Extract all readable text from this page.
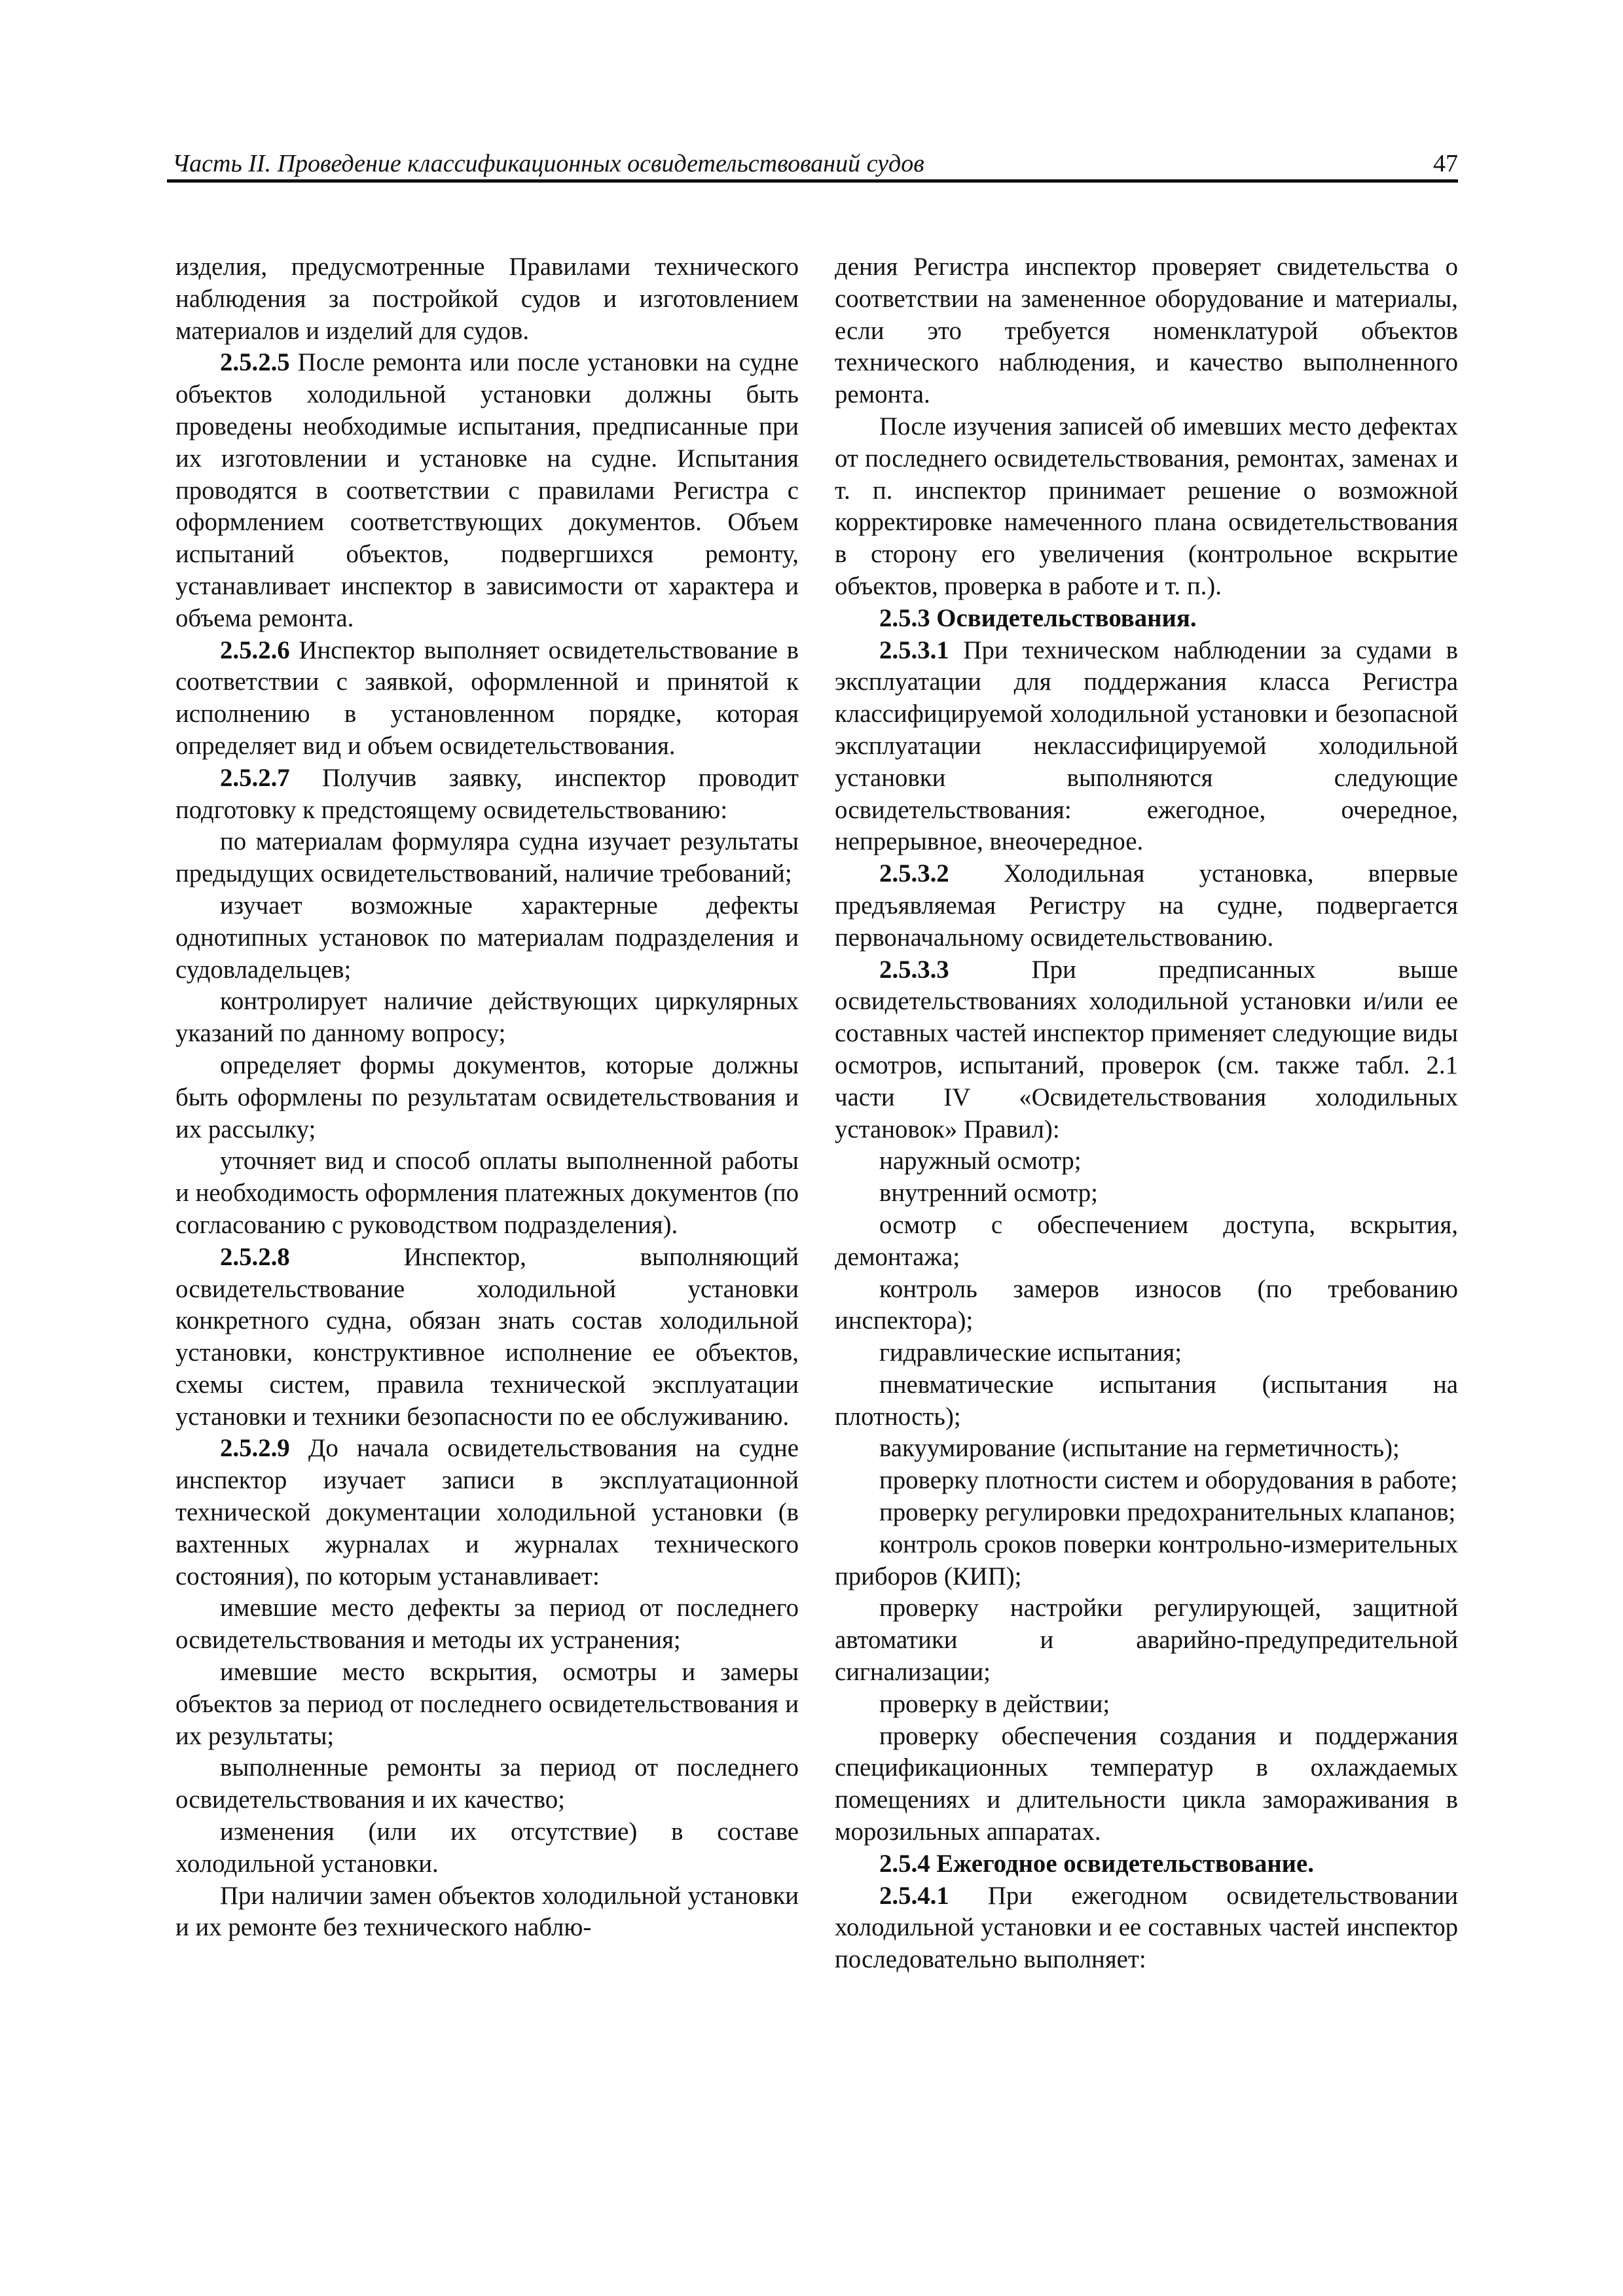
Часть II. Проведение классификационных освидетельствований судов	47

изделия, предусмотренные Правилами технического наблюдения за постройкой судов и изготовлением материалов и изделий для судов.

2.5.2.5 После ремонта или после установки на судне объектов холодильной установки должны быть проведены необходимые испытания, предписанные при их изготовлении и установке на судне. Испытания проводятся в соответствии с правилами Регистра с оформлением соответствующих документов. Объем испытаний объектов, подвергшихся ремонту, устанавливает инспектор в зависимости от характера и объема ремонта.

2.5.2.6 Инспектор выполняет освидетельствование в соответствии с заявкой, оформленной и принятой к исполнению в установленном порядке, которая определяет вид и объем освидетельствования.

2.5.2.7 Получив заявку, инспектор проводит подготовку к предстоящему освидетельствованию:

по материалам формуляра судна изучает результаты предыдущих освидетельствований, наличие требований;

изучает возможные характерные дефекты однотипных установок по материалам подразделения и судовладельцев;

контролирует наличие действующих циркулярных указаний по данному вопросу;

определяет формы документов, которые должны быть оформлены по результатам освидетельствования и их рассылку;

уточняет вид и способ оплаты выполненной работы и необходимость оформления платежных документов (по согласованию с руководством подразделения).

2.5.2.8 Инспектор, выполняющий освидетельствование холодильной установки конкретного судна, обязан знать состав холодильной установки, конструктивное исполнение ее объектов, схемы систем, правила технической эксплуатации установки и техники безопасности по ее обслуживанию.

2.5.2.9 До начала освидетельствования на судне инспектор изучает записи в эксплуатационной технической документации холодильной установки (в вахтенных журналах и журналах технического состояния), по которым устанавливает:

имевшие место дефекты за период от последнего освидетельствования и методы их устранения;

имевшие место вскрытия, осмотры и замеры объектов за период от последнего освидетельствования и их результаты;

выполненные ремонты за период от последнего освидетельствования и их качество;

изменения (или их отсутствие) в составе холодильной установки.

При наличии замен объектов холодильной установки и их ремонте без технического наблю-

дения Регистра инспектор проверяет свидетельства о соответствии на замененное оборудование и материалы, если это требуется номенклатурой объектов технического наблюдения, и качество выполненного ремонта.

После изучения записей об имевших место дефектах от последнего освидетельствования, ремонтах, заменах и т. п. инспектор принимает решение о возможной корректировке намеченного плана освидетельствования в сторону его увеличения (контрольное вскрытие объектов, проверка в работе и т. п.).

2.5.3 Освидетельствования.

2.5.3.1 При техническом наблюдении за судами в эксплуатации для поддержания класса Регистра классифицируемой холодильной установки и безопасной эксплуатации неклассифицируемой холодильной установки выполняются следующие освидетельствования: ежегодное, очередное, непрерывное, внеочередное.

2.5.3.2 Холодильная установка, впервые предъявляемая Регистру на судне, подвергается первоначальному освидетельствованию.

2.5.3.3 При предписанных выше освидетельствованиях холодильной установки и/или ее составных частей инспектор применяет следующие виды осмотров, испытаний, проверок (см. также табл. 2.1 части IV «Освидетельствования холодильных установок» Правил):

наружный осмотр;

внутренний осмотр;

осмотр с обеспечением доступа, вскрытия, демонтажа;

контроль замеров износов (по требованию инспектора);

гидравлические испытания;

пневматические испытания (испытания на плотность);

вакуумирование (испытание на герметичность);

проверку плотности систем и оборудования в работе;

проверку регулировки предохранительных клапанов;

контроль сроков поверки контрольно-измерительных приборов (КИП);

проверку настройки регулирующей, защитной автоматики и аварийно-предупредительной сигнализации;

проверку в действии;

проверку обеспечения создания и поддержания спецификационных температур в охлаждаемых помещениях и длительности цикла замораживания в морозильных аппаратах.

2.5.4 Ежегодное освидетельствование.

2.5.4.1 При ежегодном освидетельствовании холодильной установки и ее составных частей инспектор последовательно выполняет:
